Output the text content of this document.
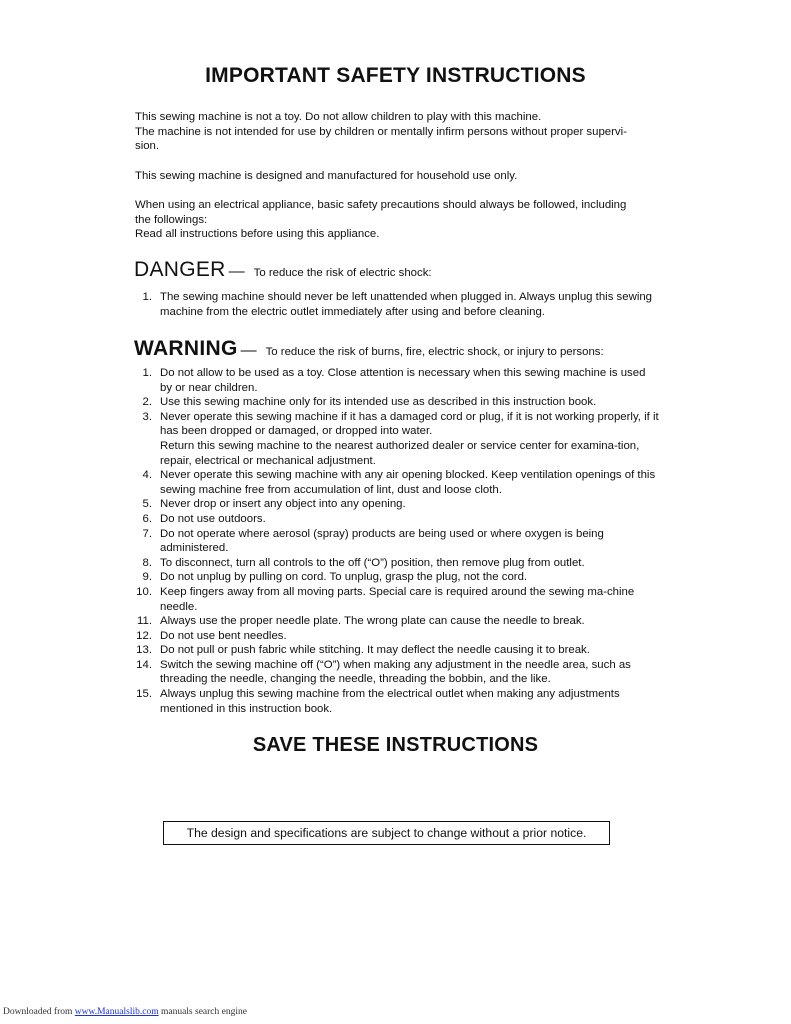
IMPORTANT SAFETY INSTRUCTIONS
This sewing machine is not a toy. Do not allow children to play with this machine.
The machine is not intended for use by children or mentally infirm persons without proper supervi-
sion.
This sewing machine is designed and manufactured for household use only.
When using an electrical appliance, basic safety precautions should always be followed, including
the followings:
Read all instructions before using this appliance.
DANGER — To reduce the risk of electric shock:
1. The sewing machine should never be left unattended when plugged in. Always unplug this sewing machine from the electric outlet immediately after using and before cleaning.
WARNING — To reduce the risk of burns, fire, electric shock, or injury to persons:
1. Do not allow to be used as a toy. Close attention is necessary when this sewing machine is used by or near children.
2. Use this sewing machine only for its intended use as described in this instruction book.
3. Never operate this sewing machine if it has a damaged cord or plug, if it is not working properly, if it has been dropped or damaged, or dropped into water.
Return this sewing machine to the nearest authorized dealer or service center for examina-tion, repair, electrical or mechanical adjustment.
4. Never operate this sewing machine with any air opening blocked. Keep ventilation openings of this sewing machine free from accumulation of lint, dust and loose cloth.
5. Never drop or insert any object into any opening.
6. Do not use outdoors.
7. Do not operate where aerosol (spray) products are being used or where oxygen is being administered.
8. To disconnect, turn all controls to the off (“O”) position, then remove plug from outlet.
9. Do not unplug by pulling on cord. To unplug, grasp the plug, not the cord.
10. Keep fingers away from all moving parts. Special care is required around the sewing ma-chine needle.
11. Always use the proper needle plate. The wrong plate can cause the needle to break.
12. Do not use bent needles.
13. Do not pull or push fabric while stitching. It may deflect the needle causing it to break.
14. Switch the sewing machine off (“O”) when making any adjustment in the needle area, such as threading the needle, changing the needle, threading the bobbin, and the like.
15. Always unplug this sewing machine from the electrical outlet when making any adjustments mentioned in this instruction book.
SAVE THESE INSTRUCTIONS
The design and specifications are subject to change without a prior notice.
Downloaded from www.Manualslib.com manuals search engine
